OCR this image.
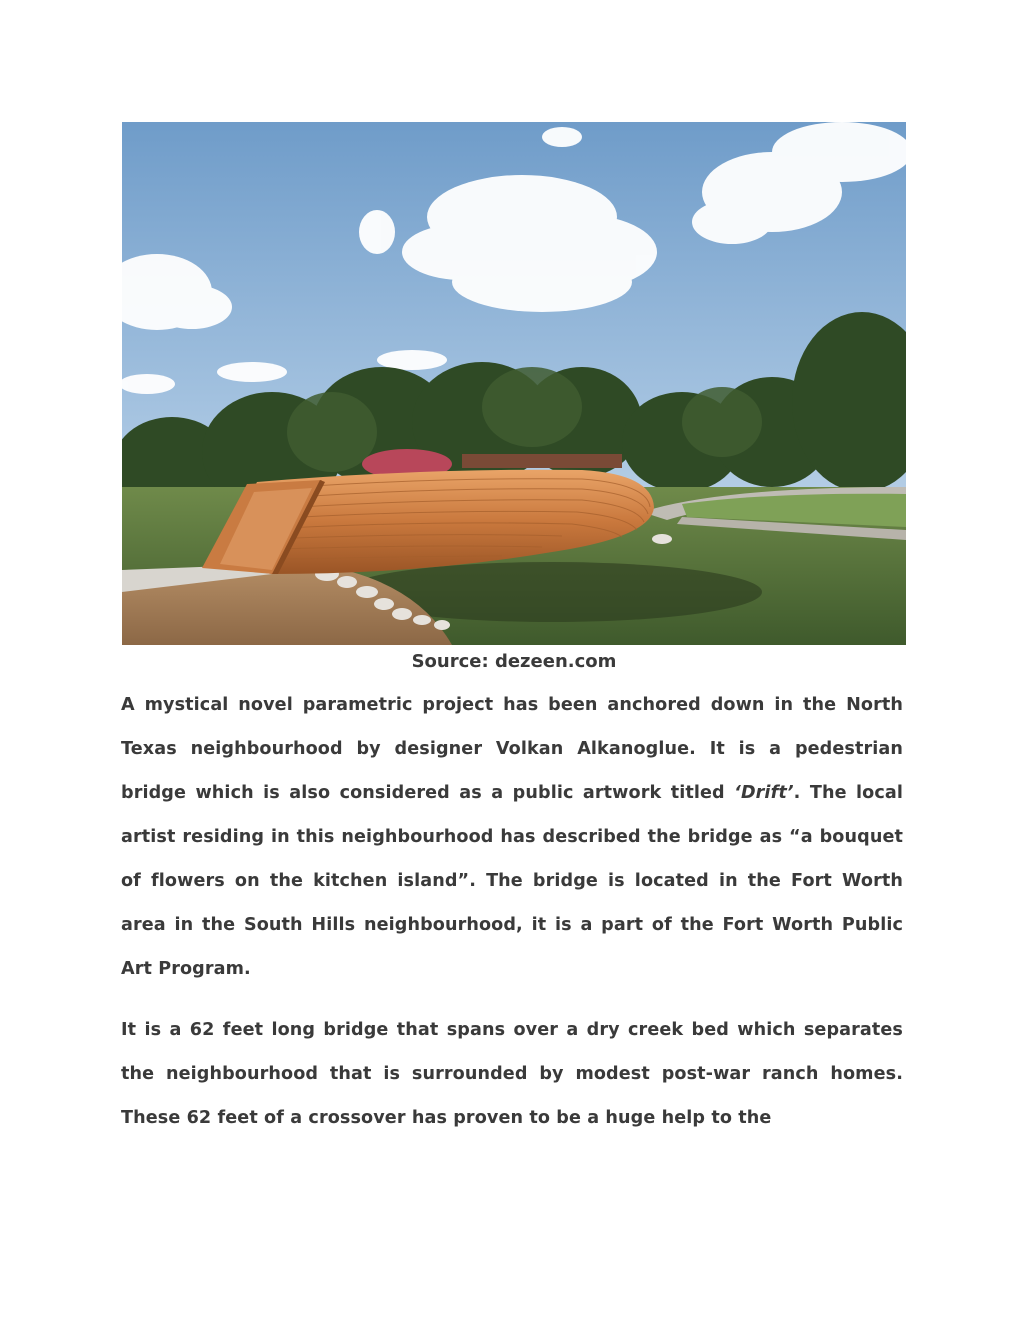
Source: dezeen.com

A mystical novel parametric project has been anchored down in the North Texas neighbourhood by designer Volkan Alkanoglue. It is a pedestrian bridge which is also considered as a public artwork titled ‘Drift’. The local artist residing in this neighbourhood has described the bridge as “a bouquet of flowers on the kitchen island”. The bridge is located in the Fort Worth area in the South Hills neighbourhood, it is a part of the Fort Worth Public Art Program.

It is a 62 feet long bridge that spans over a dry creek bed which separates the neighbourhood that is surrounded by modest post-war ranch homes. These 62 feet of a crossover has proven to be a huge help to the
